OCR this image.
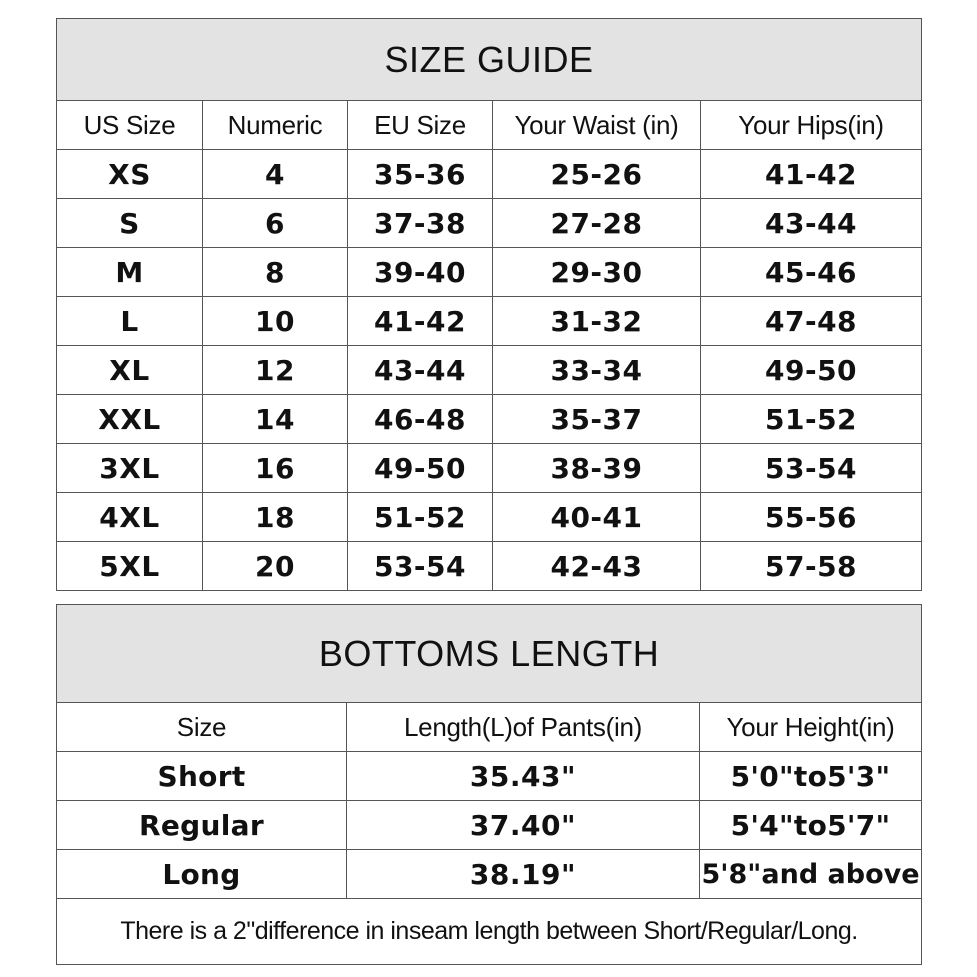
SIZE GUIDE				
US Size	Numeric	EU Size	Your Waist (in)	Your Hips(in)
XS	4	35-36	25-26	41-42
S	6	37-38	27-28	43-44
M	8	39-40	29-30	45-46
L	10	41-42	31-32	47-48
XL	12	43-44	33-34	49-50
XXL	14	46-48	35-37	51-52
3XL	16	49-50	38-39	53-54
4XL	18	51-52	40-41	55-56
5XL	20	53-54	42-43	57-58
BOTTOMS LENGTH		
Size	Length(L)of Pants(in)	Your Height(in)
Short	35.43"	5'0"to5'3"
Regular	37.40"	5'4"to5'7"
Long	38.19"	5'8"and above
There is a 2"difference in inseam length between Short/Regular/Long.		
